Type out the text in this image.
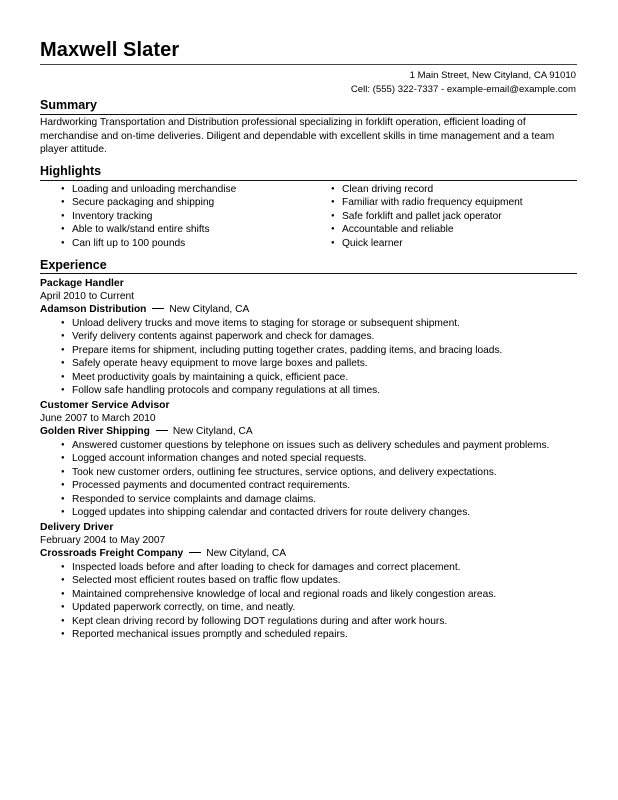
Maxwell Slater
1 Main Street, New Cityland, CA 91010
Cell: (555) 322-7337 - example-email@example.com
Summary
Hardworking Transportation and Distribution professional specializing in forklift operation, efficient loading of merchandise and on-time deliveries. Diligent and dependable with excellent skills in time management and a team player attitude.
Highlights
● Loading and unloading merchandise
● Secure packaging and shipping
● Inventory tracking
● Able to walk/stand entire shifts
● Can lift up to 100 pounds
● Clean driving record
● Familiar with radio frequency equipment
● Safe forklift and pallet jack operator
● Accountable and reliable
● Quick learner
Experience
Package Handler
April 2010 to Current
Adamson Distribution New Cityland, CA
● Unload delivery trucks and move items to staging for storage or subsequent shipment.
● Verify delivery contents against paperwork and check for damages.
● Prepare items for shipment, including putting together crates, padding items, and bracing loads.
● Safely operate heavy equipment to move large boxes and pallets.
● Meet productivity goals by maintaining a quick, efficient pace.
● Follow safe handling protocols and company regulations at all times.
Customer Service Advisor
June 2007 to March 2010
Golden River Shipping New Cityland, CA
● Answered customer questions by telephone on issues such as delivery schedules and payment problems.
● Logged account information changes and noted special requests.
● Took new customer orders, outlining fee structures, service options, and delivery expectations.
● Processed payments and documented contract requirements.
● Responded to service complaints and damage claims.
● Logged updates into shipping calendar and contacted drivers for route delivery changes.
Delivery Driver
February 2004 to May 2007
Crossroads Freight Company New Cityland, CA
● Inspected loads before and after loading to check for damages and correct placement.
● Selected most efficient routes based on traffic flow updates.
● Maintained comprehensive knowledge of local and regional roads and likely congestion areas.
● Updated paperwork correctly, on time, and neatly.
● Kept clean driving record by following DOT regulations during and after work hours.
● Reported mechanical issues promptly and scheduled repairs.
